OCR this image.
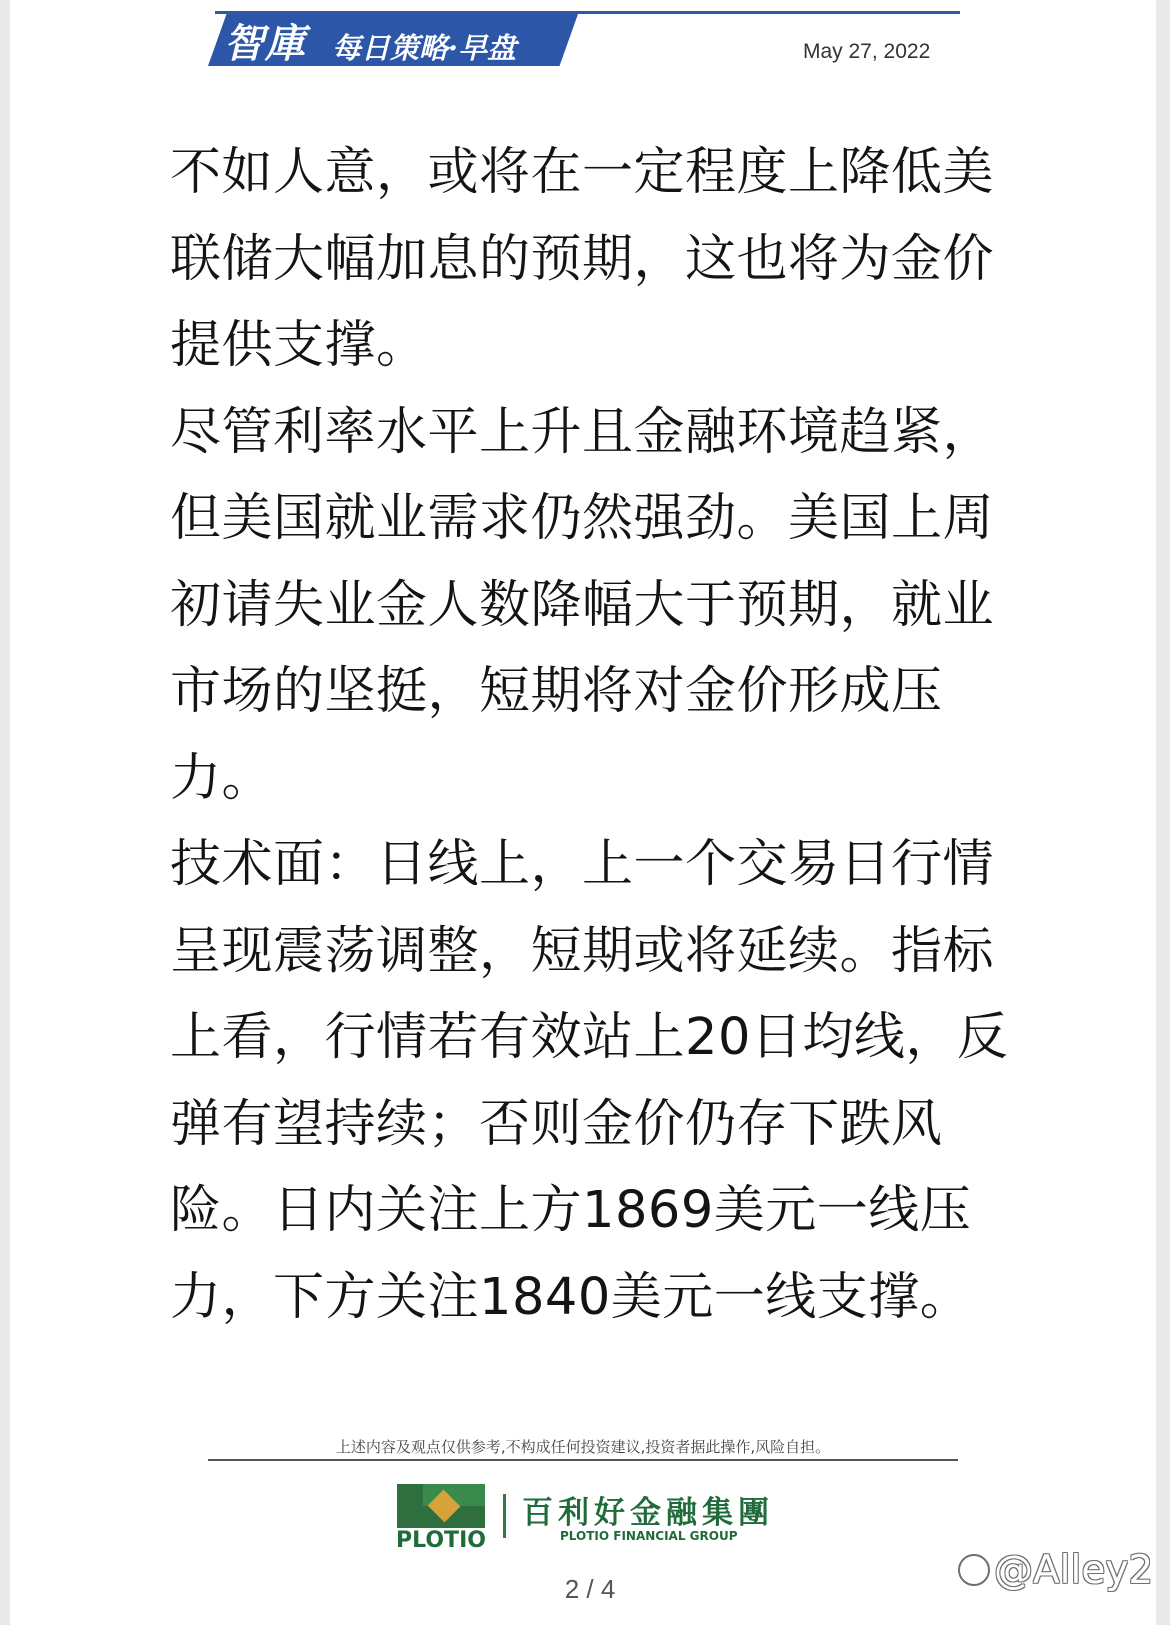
智庫 每日策略·早盘	May 27, 2022

不如人意，或将在一定程度上降低美联储大幅加息的预期，这也将为金价提供支撑。

尽管利率水平上升且金融环境趋紧，但美国就业需求仍然强劲。美国上周初请失业金人数降幅大于预期，就业市场的坚挺，短期将对金价形成压力。

技术面：日线上，上一个交易日行情呈现震荡调整，短期或将延续。指标上看，行情若有效站上20日均线，反弹有望持续；否则金价仍存下跌风险。日内关注上方1869美元一线压力，下方关注1840美元一线支撑。

上述内容及观点仅供参考,不构成任何投资建议,投资者据此操作,风险自担。
PLOTIO
百利好金融集團
PLOTIO FINANCIAL GROUP
2 / 4	@Alley2
